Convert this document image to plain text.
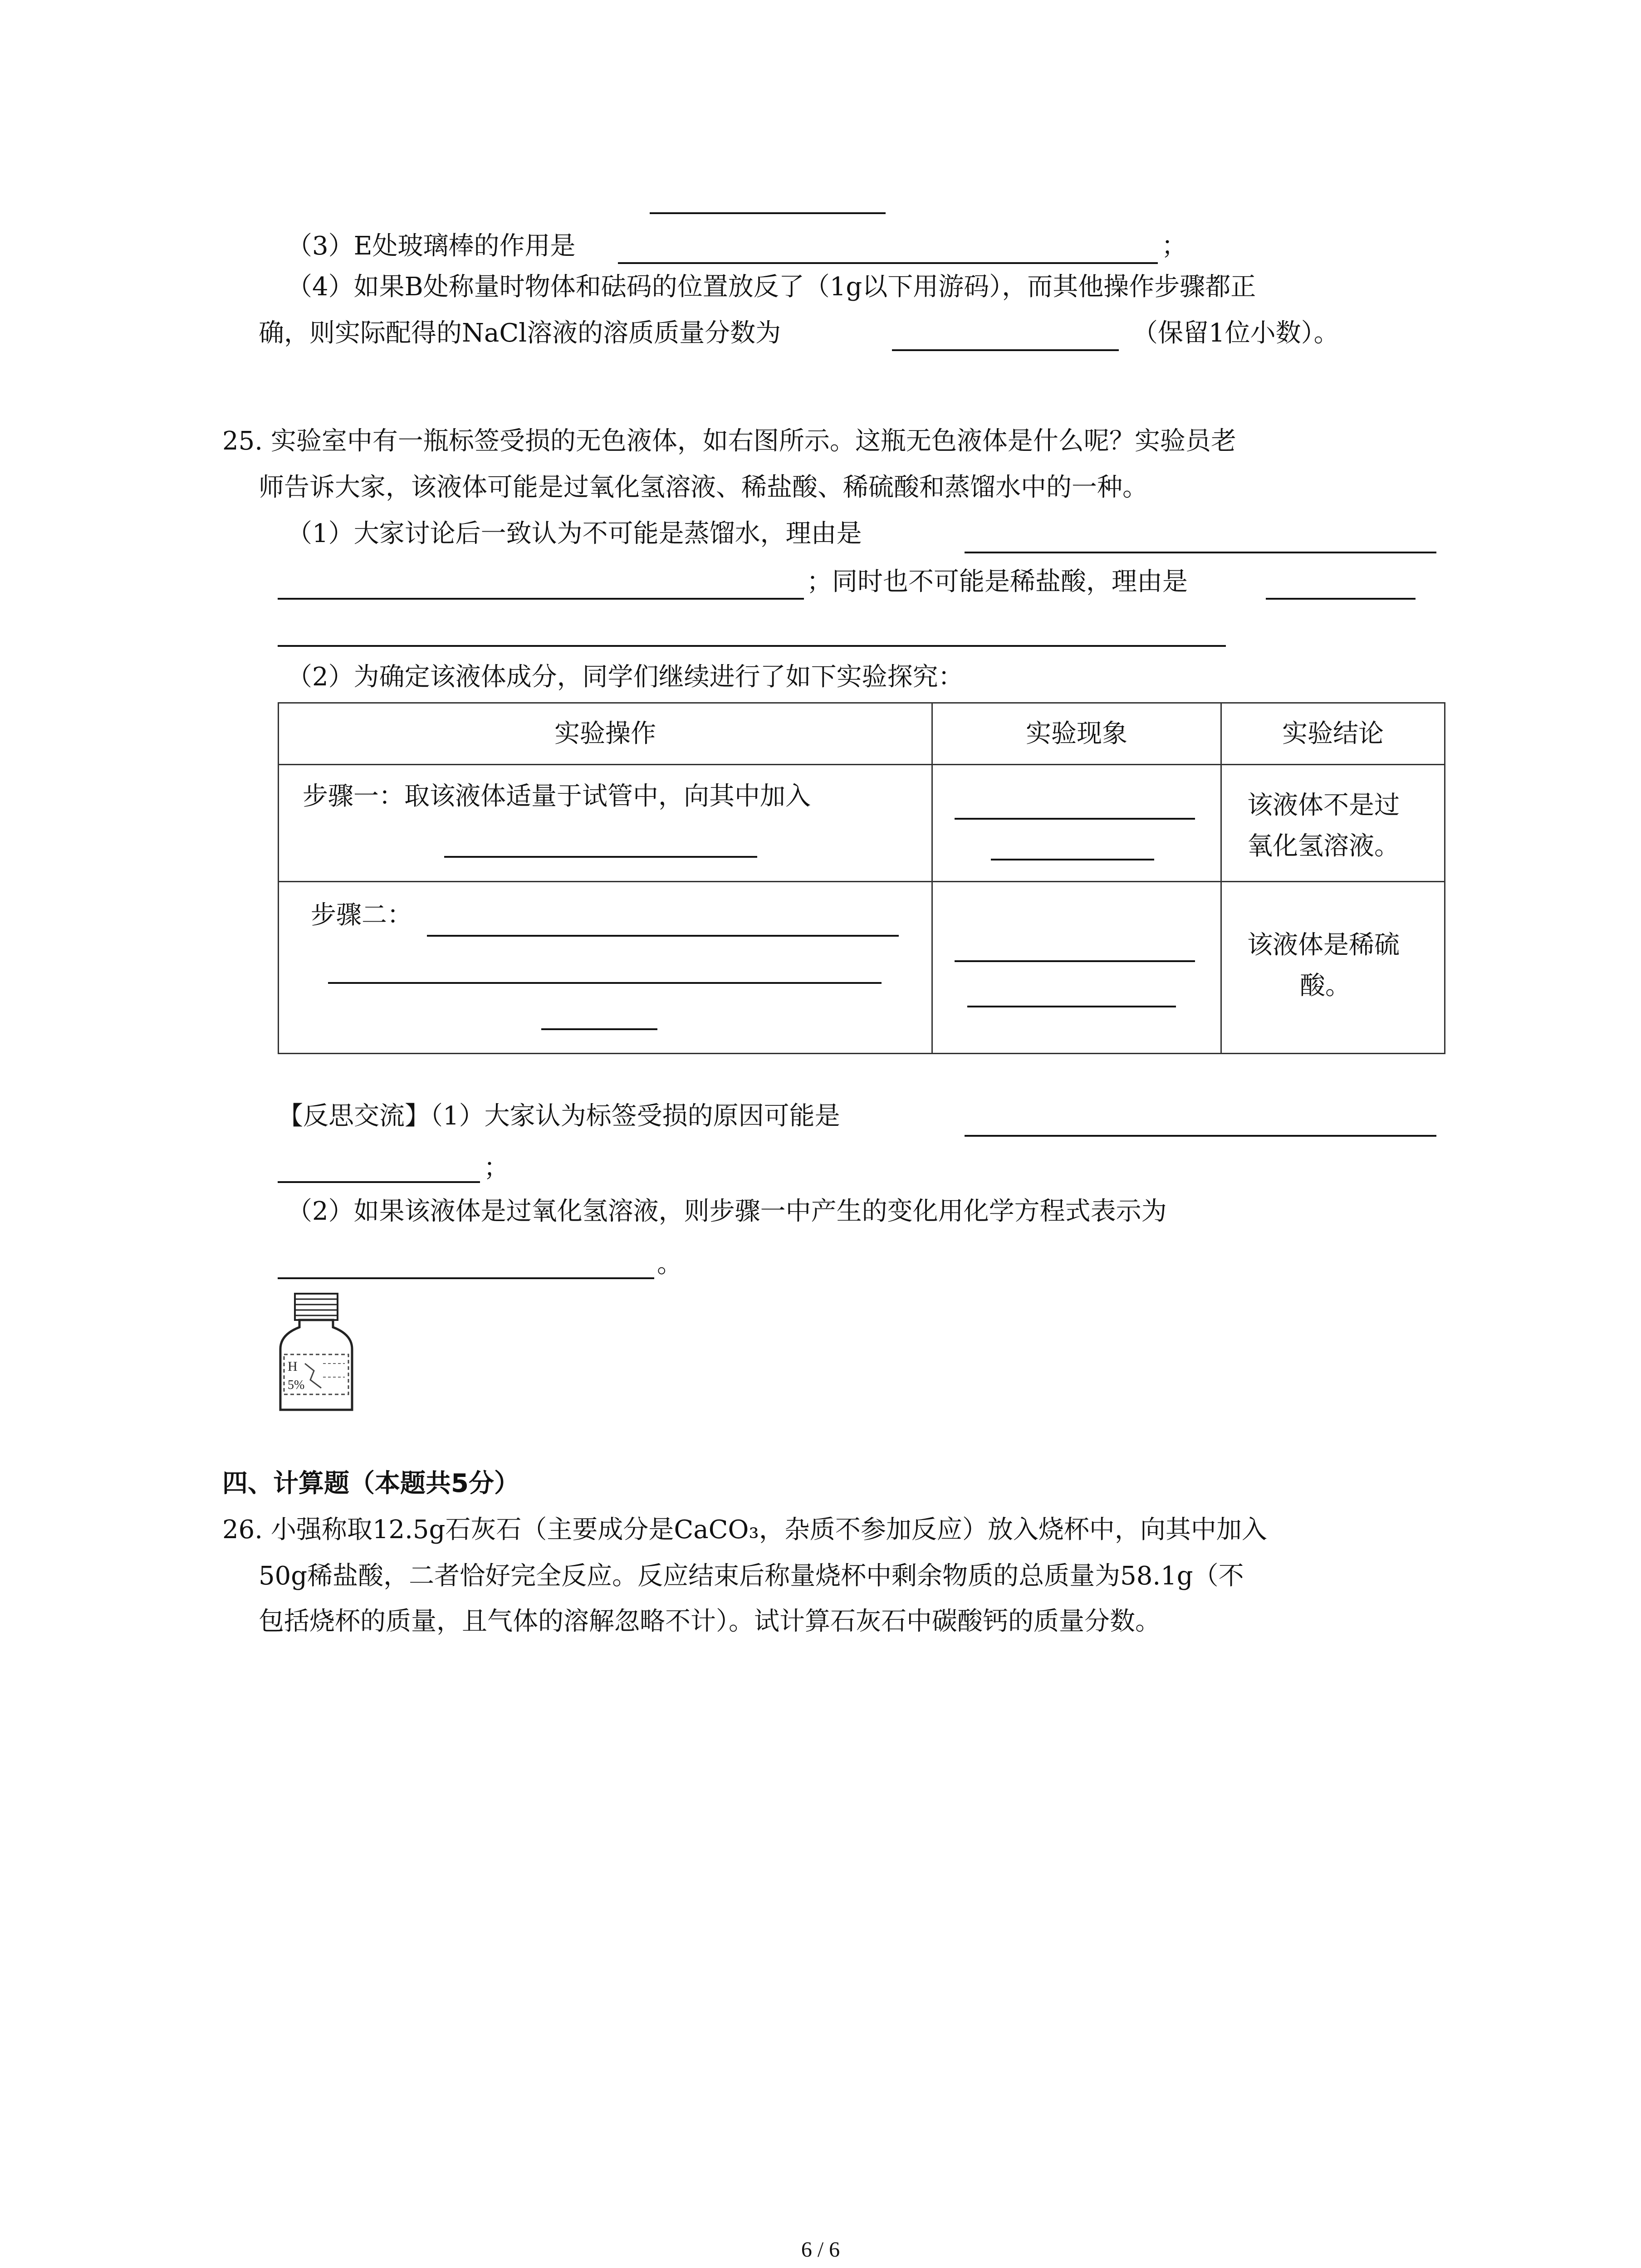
（3）E处玻璃棒的作用是	；
（4）如果B处称量时物体和砝码的位置放反了（1g以下用游码），而其他操作步骤都正
确，则实际配得的NaCl溶液的溶质质量分数为	（保留1位小数）。
25. 实验室中有一瓶标签受损的无色液体，如右图所示。这瓶无色液体是什么呢？实验员老
师告诉大家，该液体可能是过氧化氢溶液、稀盐酸、稀硫酸和蒸馏水中的一种。
（1）大家讨论后一致认为不可能是蒸馏水，理由是
；同时也不可能是稀盐酸，理由是
（2）为确定该液体成分，同学们继续进行了如下实验探究：
实验操作	实验现象	实验结论

步骤一：取该液体适量于试管中，向其中加入		该液体不是过
氧化氢溶液。

步骤二：		该液体是稀硫
酸。
【反思交流】（1）大家认为标签受损的原因可能是
；
（2）如果该液体是过氧化氢溶液，则步骤一中产生的变化用化学方程式表示为
。
H
5%
四、计算题（本题共5分）
26. 小强称取12.5g石灰石（主要成分是CaCO₃，杂质不参加反应）放入烧杯中，向其中加入
50g稀盐酸，二者恰好完全反应。反应结束后称量烧杯中剩余物质的总质量为58.1g（不
包括烧杯的质量，且气体的溶解忽略不计）。试计算石灰石中碳酸钙的质量分数。
6 / 6
